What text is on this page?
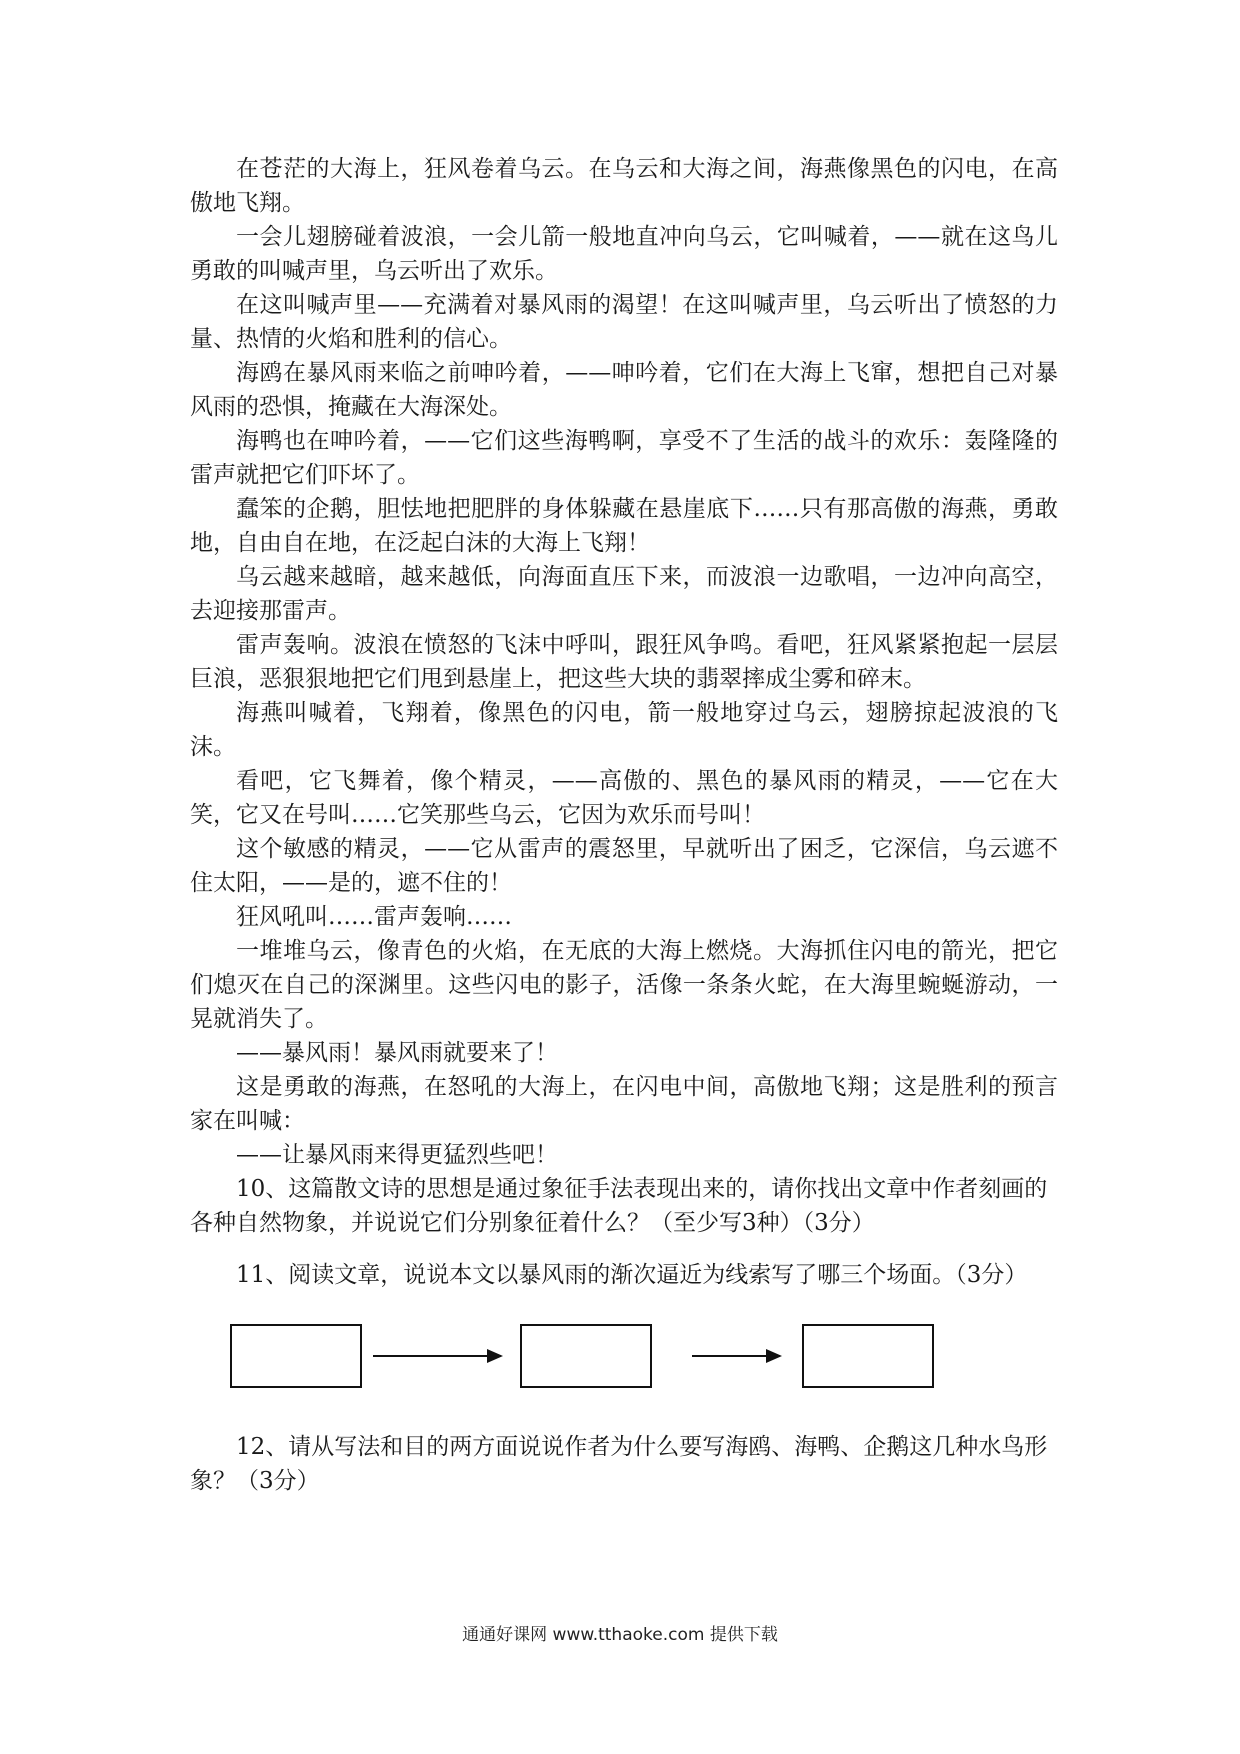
在苍茫的大海上，狂风卷着乌云。在乌云和大海之间，海燕像黑色的闪电，在高傲地飞翔。

一会儿翅膀碰着波浪，一会儿箭一般地直冲向乌云，它叫喊着，——就在这鸟儿勇敢的叫喊声里，乌云听出了欢乐。

在这叫喊声里——充满着对暴风雨的渴望！在这叫喊声里，乌云听出了愤怒的力量、热情的火焰和胜利的信心。

海鸥在暴风雨来临之前呻吟着，——呻吟着，它们在大海上飞窜，想把自己对暴风雨的恐惧，掩藏在大海深处。

海鸭也在呻吟着，——它们这些海鸭啊，享受不了生活的战斗的欢乐：轰隆隆的雷声就把它们吓坏了。

蠢笨的企鹅，胆怯地把肥胖的身体躲藏在悬崖底下……只有那高傲的海燕，勇敢地，自由自在地，在泛起白沫的大海上飞翔！

乌云越来越暗，越来越低，向海面直压下来，而波浪一边歌唱，一边冲向高空，去迎接那雷声。

雷声轰响。波浪在愤怒的飞沫中呼叫，跟狂风争鸣。看吧，狂风紧紧抱起一层层巨浪，恶狠狠地把它们甩到悬崖上，把这些大块的翡翠摔成尘雾和碎末。

海燕叫喊着，飞翔着，像黑色的闪电，箭一般地穿过乌云，翅膀掠起波浪的飞沫。

看吧，它飞舞着，像个精灵，——高傲的、黑色的暴风雨的精灵，——它在大笑，它又在号叫……它笑那些乌云，它因为欢乐而号叫！

这个敏感的精灵，——它从雷声的震怒里，早就听出了困乏，它深信，乌云遮不住太阳，——是的，遮不住的！

狂风吼叫……雷声轰响……

一堆堆乌云，像青色的火焰，在无底的大海上燃烧。大海抓住闪电的箭光，把它们熄灭在自己的深渊里。这些闪电的影子，活像一条条火蛇，在大海里蜿蜒游动，一晃就消失了。

——暴风雨！暴风雨就要来了！

这是勇敢的海燕，在怒吼的大海上，在闪电中间，高傲地飞翔；这是胜利的预言家在叫喊：

——让暴风雨来得更猛烈些吧！

10、这篇散文诗的思想是通过象征手法表现出来的，请你找出文章中作者刻画的各种自然物象，并说说它们分别象征着什么？（至少写3种）（3分）

11、阅读文章，说说本文以暴风雨的渐次逼近为线索写了哪三个场面。（3分）

12、请从写法和目的两方面说说作者为什么要写海鸥、海鸭、企鹅这几种水鸟形象？（3分）

通通好课网 www.tthaoke.com 提供下载
